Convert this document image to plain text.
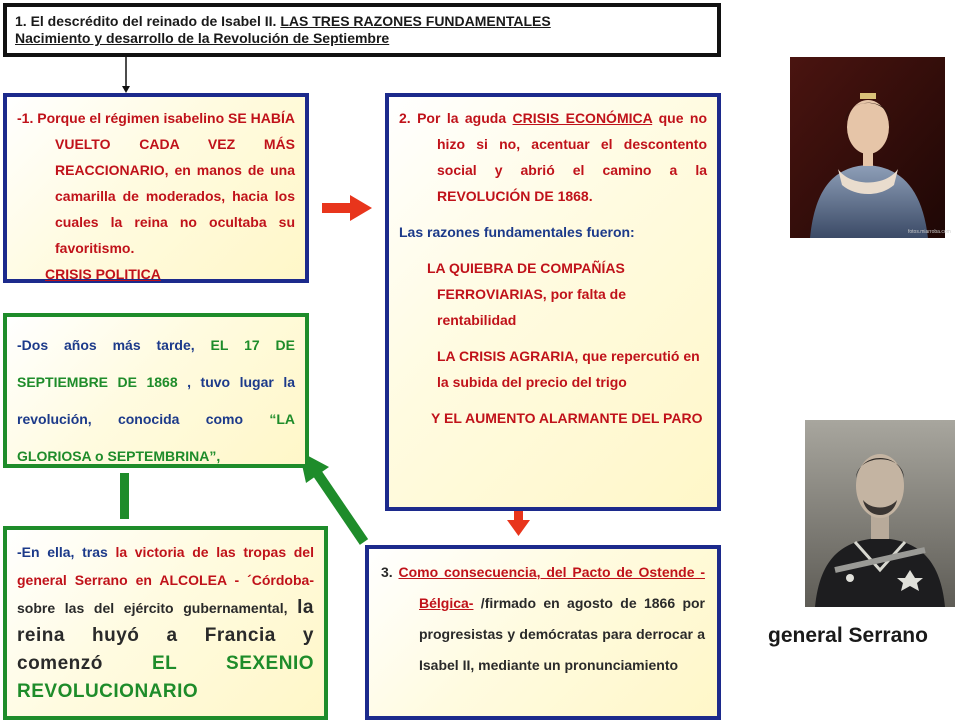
1. El descrédito del reinado de Isabel II. LAS TRES RAZONES FUNDAMENTALES
Nacimiento y desarrollo de la Revolución de Septiembre

-1. Porque el régimen isabelino SE HABÍA VUELTO CADA VEZ MÁS REACCIONARIO, en manos de una camarilla de moderados, hacia los cuales la reina no ocultaba su favoritismo.

CRISIS POLITICA

2. Por la aguda CRISIS ECONÓMICA que no hizo si no, acentuar el descontento social y abrió el camino a la REVOLUCIÓN DE 1868.

Las razones fundamentales fueron:

LA QUIEBRA DE COMPAÑÍAS FERROVIARIAS, por falta de rentabilidad

LA CRISIS AGRARIA, que repercutió en la subida del precio del trigo

Y EL AUMENTO ALARMANTE DEL PARO

-Dos años más tarde, EL 17 DE SEPTIEMBRE DE 1868 , tuvo lugar la revolución, conocida como “LA GLORIOSA o SEPTEMBRINA”,

-En ella, tras la victoria de las tropas del general Serrano en ALCOLEA - ´Córdoba- sobre las del ejército gubernamental, la reina huyó a Francia y comenzó EL SEXENIO REVOLUCIONARIO

3. Como consecuencia, del Pacto de Ostende -Bélgica- /firmado en agosto de 1866 por progresistas y demócratas para derrocar a Isabel II, mediante un pronunciamiento

fotos.miarroba.com
general Serrano
